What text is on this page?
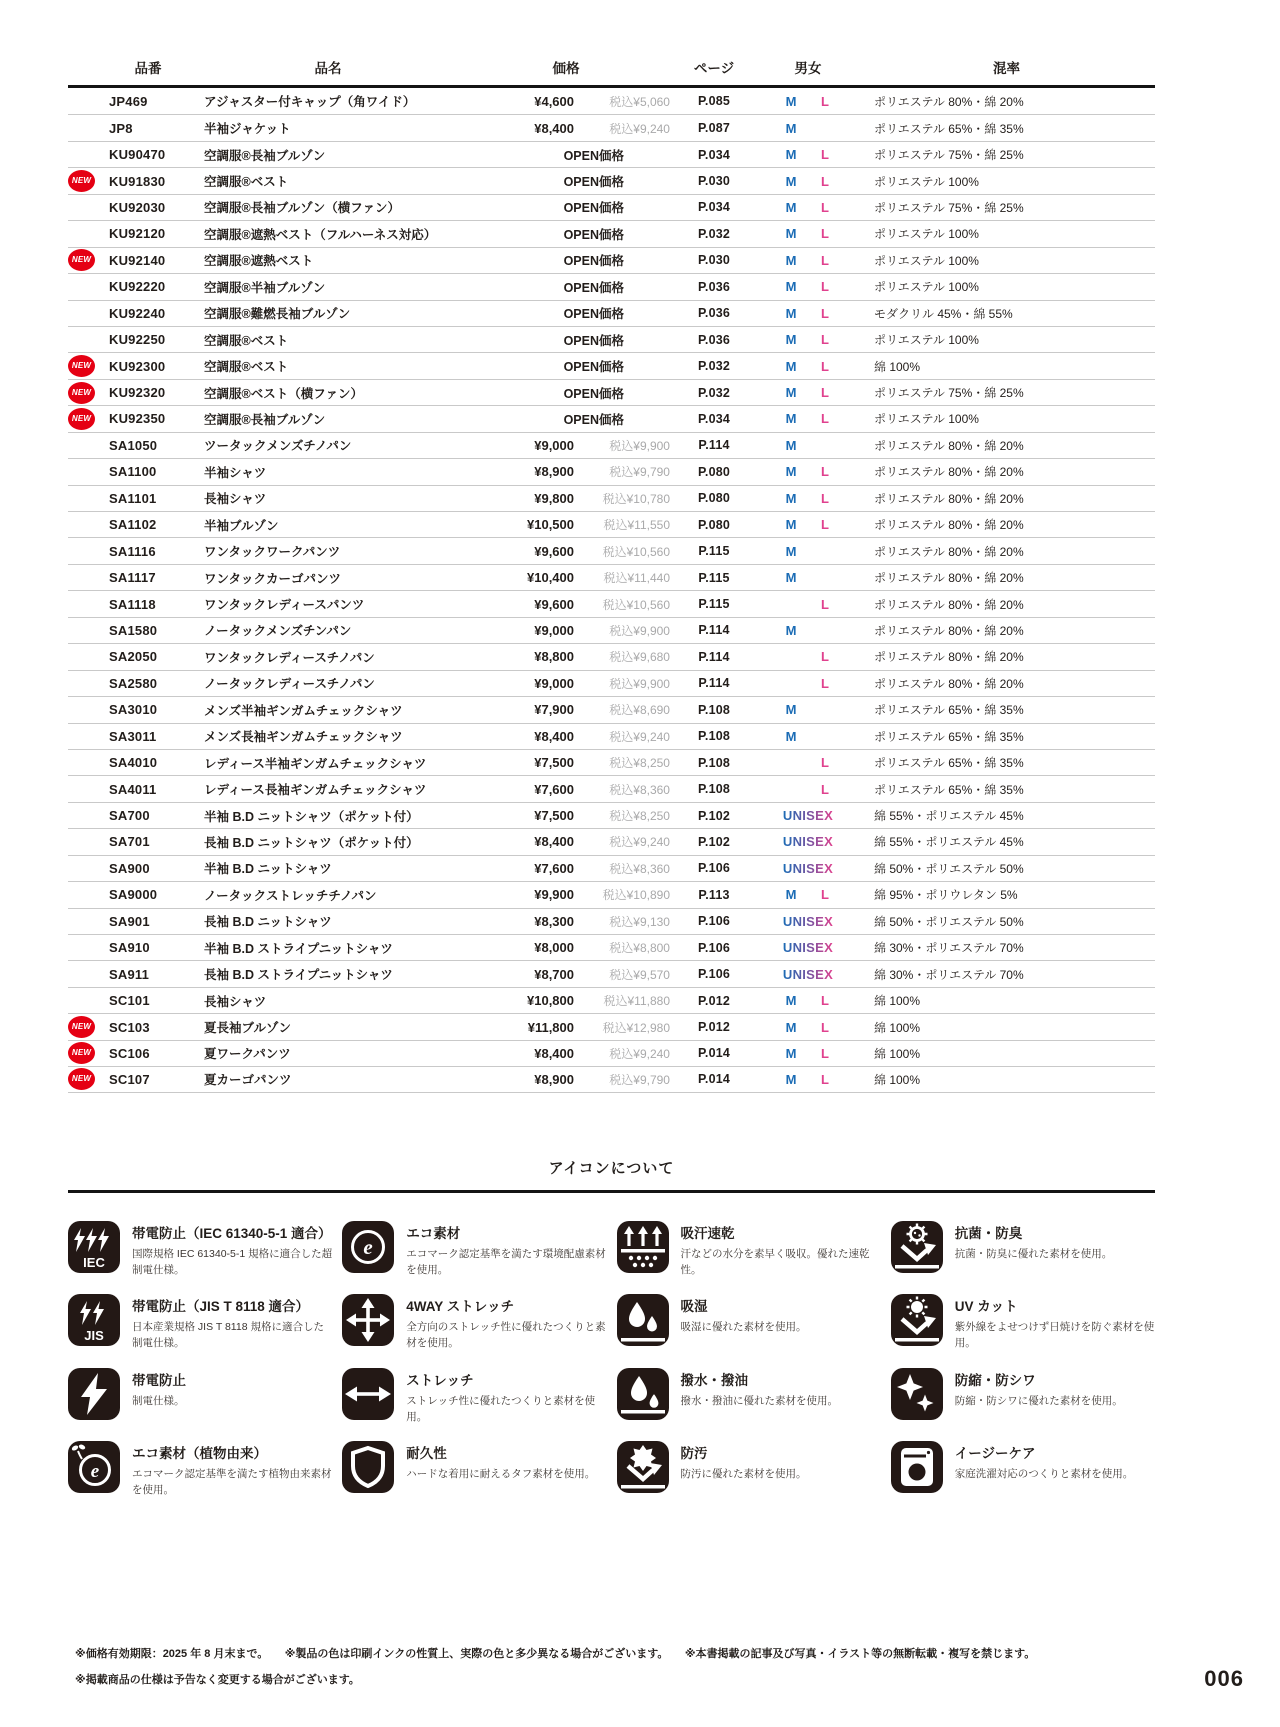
品番	品名	価格	ページ	男女	混率
JP469	アジャスター付キャップ（角ワイド）	¥4,600	税込¥5,060	P.085	M	L	ポリエステル 80%・綿 20%
JP8	半袖ジャケット	¥8,400	税込¥9,240	P.087	M	ポリエステル 65%・綿 35%
KU90470	空調服®長袖ブルゾン	OPEN価格	P.034	M	L	ポリエステル 75%・綿 25%
NEW	KU91830	空調服®ベスト	OPEN価格	P.030	M	L	ポリエステル 100%
KU92030	空調服®長袖ブルゾン（横ファン）	OPEN価格	P.034	M	L	ポリエステル 75%・綿 25%
KU92120	空調服®遮熱ベスト（フルハーネス対応）	OPEN価格	P.032	M	L	ポリエステル 100%
NEW	KU92140	空調服®遮熱ベスト	OPEN価格	P.030	M	L	ポリエステル 100%
KU92220	空調服®半袖ブルゾン	OPEN価格	P.036	M	L	ポリエステル 100%
KU92240	空調服®難燃長袖ブルゾン	OPEN価格	P.036	M	L	モダクリル 45%・綿 55%
KU92250	空調服®ベスト	OPEN価格	P.036	M	L	ポリエステル 100%
NEW	KU92300	空調服®ベスト	OPEN価格	P.032	M	L	綿 100%
NEW	KU92320	空調服®ベスト（横ファン）	OPEN価格	P.032	M	L	ポリエステル 75%・綿 25%
NEW	KU92350	空調服®長袖ブルゾン	OPEN価格	P.034	M	L	ポリエステル 100%
SA1050	ツータックメンズチノパン	¥9,000	税込¥9,900	P.114	M	ポリエステル 80%・綿 20%
SA1100	半袖シャツ	¥8,900	税込¥9,790	P.080	M	L	ポリエステル 80%・綿 20%
SA1101	長袖シャツ	¥9,800	税込¥10,780	P.080	M	L	ポリエステル 80%・綿 20%
SA1102	半袖ブルゾン	¥10,500	税込¥11,550	P.080	M	L	ポリエステル 80%・綿 20%
SA1116	ワンタックワークパンツ	¥9,600	税込¥10,560	P.115	M	ポリエステル 80%・綿 20%
SA1117	ワンタックカーゴパンツ	¥10,400	税込¥11,440	P.115	M	ポリエステル 80%・綿 20%
SA1118	ワンタックレディースパンツ	¥9,600	税込¥10,560	P.115	L	ポリエステル 80%・綿 20%
SA1580	ノータックメンズチンパン	¥9,000	税込¥9,900	P.114	M	ポリエステル 80%・綿 20%
SA2050	ワンタックレディースチノパン	¥8,800	税込¥9,680	P.114	L	ポリエステル 80%・綿 20%
SA2580	ノータックレディースチノパン	¥9,000	税込¥9,900	P.114	L	ポリエステル 80%・綿 20%
SA3010	メンズ半袖ギンガムチェックシャツ	¥7,900	税込¥8,690	P.108	M	ポリエステル 65%・綿 35%
SA3011	メンズ長袖ギンガムチェックシャツ	¥8,400	税込¥9,240	P.108	M	ポリエステル 65%・綿 35%
SA4010	レディース半袖ギンガムチェックシャツ	¥7,500	税込¥8,250	P.108	L	ポリエステル 65%・綿 35%
SA4011	レディース長袖ギンガムチェックシャツ	¥7,600	税込¥8,360	P.108	L	ポリエステル 65%・綿 35%
SA700	半袖 B.D ニットシャツ（ポケット付）	¥7,500	税込¥8,250	P.102	UNISEX	綿 55%・ポリエステル 45%
SA701	長袖 B.D ニットシャツ（ポケット付）	¥8,400	税込¥9,240	P.102	UNISEX	綿 55%・ポリエステル 45%
SA900	半袖 B.D ニットシャツ	¥7,600	税込¥8,360	P.106	UNISEX	綿 50%・ポリエステル 50%
SA9000	ノータックストレッチチノパン	¥9,900	税込¥10,890	P.113	M	L	綿 95%・ポリウレタン 5%
SA901	長袖 B.D ニットシャツ	¥8,300	税込¥9,130	P.106	UNISEX	綿 50%・ポリエステル 50%
SA910	半袖 B.D ストライプニットシャツ	¥8,000	税込¥8,800	P.106	UNISEX	綿 30%・ポリエステル 70%
SA911	長袖 B.D ストライプニットシャツ	¥8,700	税込¥9,570	P.106	UNISEX	綿 30%・ポリエステル 70%
SC101	長袖シャツ	¥10,800	税込¥11,880	P.012	M	L	綿 100%
NEW	SC103	夏長袖ブルゾン	¥11,800	税込¥12,980	P.012	M	L	綿 100%
NEW	SC106	夏ワークパンツ	¥8,400	税込¥9,240	P.014	M	L	綿 100%
NEW	SC107	夏カーゴパンツ	¥8,900	税込¥9,790	P.014	M	L	綿 100%
アイコンについて
IEC
帯電防止（IEC 61340-5-1 適合）
国際規格 IEC 61340-5-1 規格に適合した超制電仕様。
e
エコ素材
エコマーク認定基準を満たす環境配慮素材を使用。
吸汗速乾
汗などの水分を素早く吸収。優れた速乾性。
抗菌・防臭
抗菌・防臭に優れた素材を使用。
JIS
帯電防止（JIS T 8118 適合）
日本産業規格 JIS T 8118 規格に適合した制電仕様。
4WAY ストレッチ
全方向のストレッチ性に優れたつくりと素材を使用。
吸湿
吸湿に優れた素材を使用。
UV カット
紫外線をよせつけず日焼けを防ぐ素材を使用。
帯電防止
制電仕様。
ストレッチ
ストレッチ性に優れたつくりと素材を使用。
撥水・撥油
撥水・撥油に優れた素材を使用。
防縮・防シワ
防縮・防シワに優れた素材を使用。
e
エコ素材（植物由来）
エコマーク認定基準を満たす植物由来素材を使用。
耐久性
ハードな着用に耐えるタフ素材を使用。
防汚
防汚に優れた素材を使用。
イージーケア
家庭洗濯対応のつくりと素材を使用。
※価格有効期限：2025 年 8 月末まで。　　※製品の色は印刷インクの性質上、実際の色と多少異なる場合がございます。　　※本書掲載の記事及び写真・イラスト等の無断転載・複写を禁じます。
※掲載商品の仕様は予告なく変更する場合がございます。	006
